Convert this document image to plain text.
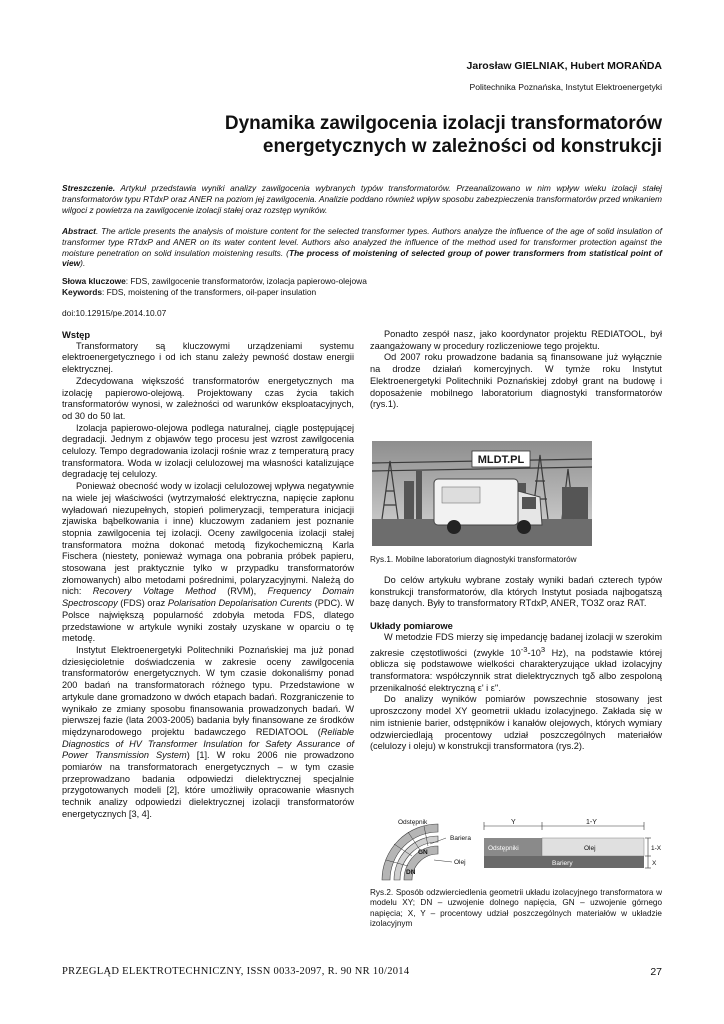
Jarosław GIELNIAK, Hubert MORAŃDA
Politechnika Poznańska, Instytut Elektroenergetyki
Dynamika zawilgocenia izolacji transformatorów
energetycznych w zależności od konstrukcji
Streszczenie. Artykuł przedstawia wyniki analizy zawilgocenia wybranych typów transformatorów. Przeanalizowano w nim wpływ wieku izolacji stałej transformatorów typu RTdxP oraz ANER na poziom jej zawilgocenia. Analizie poddano również wpływ sposobu zabezpieczenia transformatorów przed wnikaniem wilgoci z powietrza na zawilgocenie izolacji stałej oraz rozstęp wyników.
Abstract. The article presents the analysis of moisture content for the selected transformer types. Authors analyze the influence of the age of solid insulation of transformer type RTdxP and ANER on its water content level. Authors also analyzed the influence of the method used for transformer protection against the moisture penetration on solid insulation moistening results. (The process of moistening of selected group of power transformers from statistical point of view).
Słowa kluczowe: FDS, zawilgocenie transformatorów, izolacja papierowo-olejowa
Keywords: FDS, moistening of the transformers, oil-paper insulation
doi:10.12915/pe.2014.10.07
Wstęp

Transformatory są kluczowymi urządzeniami systemu elektroenergetycznego i od ich stanu zależy pewność dostaw energii elektrycznej.

Zdecydowana większość transformatorów energetycznych ma izolację papierowo-olejową. Projektowany czas życia takich transformatorów wynosi, w zależności od warunków eksploatacyjnych, od 30 do 50 lat.

Izolacja papierowo-olejowa podlega naturalnej, ciągle postępującej degradacji. Jednym z objawów tego procesu jest wzrost zawilgocenia celulozy. Tempo degradowania izolacji rośnie wraz z temperaturą pracy transformatora. Woda w izolacji celulozowej ma własności katalizujące degradację tej celulozy.

Ponieważ obecność wody w izolacji celulozowej wpływa negatywnie na wiele jej właściwości (wytrzymałość elektryczna, napięcie zapłonu wyładowań niezupełnych, stopień polimeryzacji, temperatura inicjacji zjawiska bąbelkowania i inne) kluczowym zadaniem jest poznanie stopnia zawilgocenia tej izolacji. Oceny zawilgocenia izolacji stałej transformatora można dokonać metodą fizykochemiczną Karla Fischera (niestety, ponieważ wymaga ona pobrania próbek papieru, stosowana jest praktycznie tylko w przypadku transformatorów złomowanych) albo metodami pośrednimi, polaryzacyjnymi. Należą do nich: Recovery Voltage Method (RVM), Frequency Domain Spectroscopy (FDS) oraz Polarisation Depolarisation Curents (PDC). W Polsce największą popularność zdobyła metoda FDS, dlatego przedstawione w artykule wyniki zostały uzyskane w oparciu o tę metodę.

Instytut Elektroenergetyki Politechniki Poznańskiej ma już ponad dziesięcioletnie doświadczenia w zakresie oceny zawilgocenia transformatorów energetycznych. W tym czasie dokonaliśmy ponad 200 badań na transformatorach różnego typu. Przedstawione w artykule dane gromadzono w dwóch etapach badań. Rozgraniczenie to wynikało ze zmiany sposobu finansowania prowadzonych badań. W pierwszej fazie (lata 2003-2005) badania były finansowane ze środków międzynarodowego projektu badawczego REDIATOOL (Reliable Diagnostics of HV Transformer Insulation for Safety Assurance of Power Transmission System) [1]. W roku 2006 nie prowadzono pomiarów na transformatorach energetycznych – w tym czasie przeprowadzano badania odpowiedzi dielektrycznej specjalnie przygotowanych modeli [2], które umożliwiły opracowanie własnych technik analizy odpowiedzi dielektrycznej izolacji transformatorów energetycznych [3, 4].

Ponadto zespół nasz, jako koordynator projektu REDIATOOL, był zaangażowany w procedury rozliczeniowe tego projektu.

Od 2007 roku prowadzone badania są finansowane już wyłącznie na drodze działań komercyjnych. W tymże roku Instytut Elektroenergetyki Politechniki Poznańskiej zdobył grant na budowę i doposażenie mobilnego laboratorium diagnostyki transformatorów (rys.1).

MLDT.PL
Rys.1. Mobilne laboratorium diagnostyki transformatorów

Do celów artykułu wybrane zostały wyniki badań czterech typów konstrukcji transformatorów, dla których Instytut posiada najbogatszą bazę danych. Były to transformatory RTdxP, ANER, TO3Z oraz RAT.

Układy pomiarowe

W metodzie FDS mierzy się impedancję badanej izolacji w szerokim zakresie częstotliwości (zwykle $10^{-3}-10^3$ Hz), na podstawie której oblicza się podstawowe wielkości charakteryzujące układ izolacyjny transformatora: współczynnik strat dielektrycznych tgδ albo zespoloną przenikalność elektryczną ε' i ε''.

Do analizy wyników pomiarów powszechnie stosowany jest uproszczony model XY geometrii układu izolacyjnego. Zakłada się w nim istnienie barier, odstępników i kanałów olejowych, których wymiary odzwierciedlają procentowy udział poszczególnych materiałów (celulozy i oleju) w konstrukcji transformatora (rys.2).

Odstępnik
Bariera
Olej
DN
GN
Y	1-Y
Odstępniki	Olej
Bariery
1-X
X
Rys.2. Sposób odzwierciedlenia geometrii układu izolacyjnego transformatora w modelu XY; DN – uzwojenie dolnego napięcia, GN – uzwojenie górnego napięcia; X, Y – procentowy udział poszczególnych materiałów w układzie izolacyjnym
PRZEGLĄD ELEKTROTECHNICZNY, ISSN 0033-2097, R. 90 NR 10/2014	27
